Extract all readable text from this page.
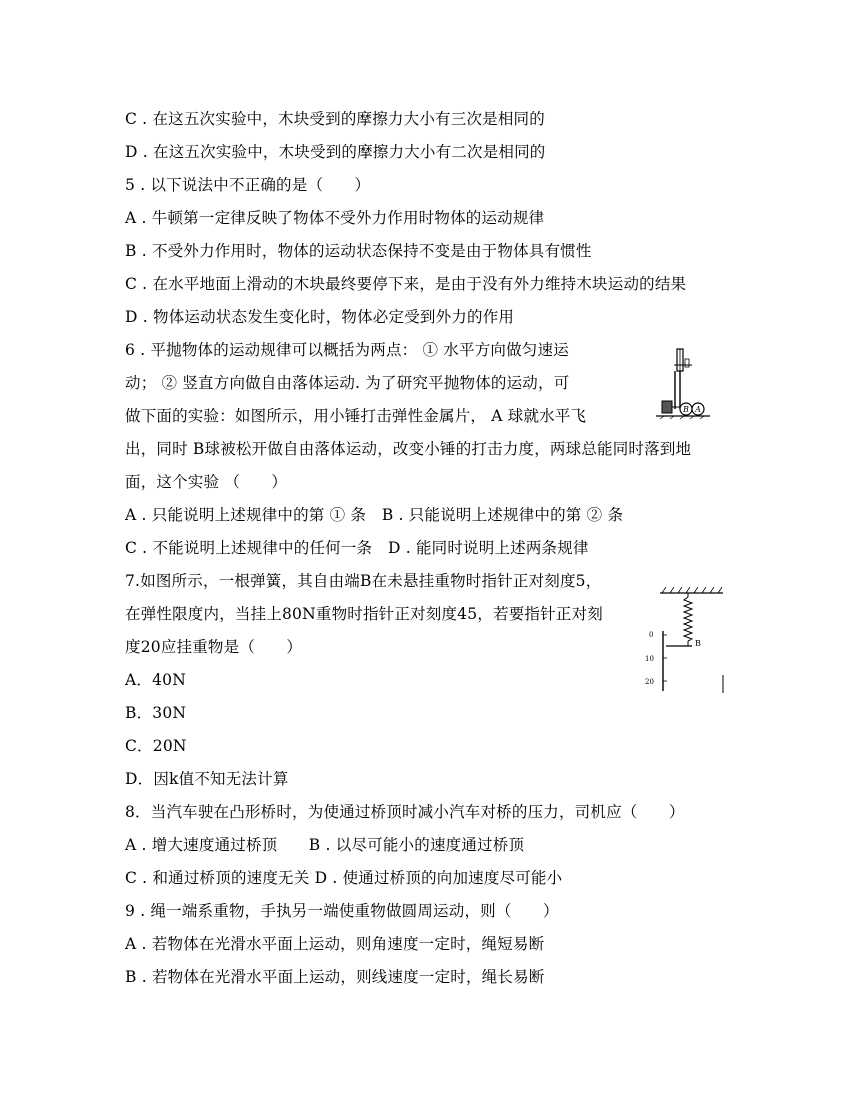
C . 在这五次实验中，木块受到的摩擦力大小有三次是相同的
D . 在这五次实验中，木块受到的摩擦力大小有二次是相同的
5 . 以下说法中不正确的是（　　）
A . 牛顿第一定律反映了物体不受外力作用时物体的运动规律
B . 不受外力作用时，物体的运动状态保持不变是由于物体具有惯性
C . 在水平地面上滑动的木块最终要停下来，是由于没有外力维持木块运动的结果
D . 物体运动状态发生变化时，物体必定受到外力的作用
6 . 平抛物体的运动规律可以概括为两点： ① 水平方向做匀速运
动； ② 竖直方向做自由落体运动. 为了研究平抛物体的运动，可
做下面的实验：如图所示，用小锤打击弹性金属片， A 球就水平飞
出，同时 B球被松开做自由落体运动，改变小锤的打击力度，两球总能同时落到地
面，这个实验 （　　）
A . 只能说明上述规律中的第 ① 条　B . 只能说明上述规律中的第 ② 条
C . 不能说明上述规律中的任何一条　D . 能同时说明上述两条规律
7.如图所示，一根弹簧，其自由端B在未悬挂重物时指针正对刻度5，
在弹性限度内，当挂上80N重物时指针正对刻度45，若要指针正对刻
度20应挂重物是（　　）
A．40N
B．30N
C．20N
D．因k值不知无法计算
8．当汽车驶在凸形桥时，为使通过桥顶时减小汽车对桥的压力，司机应（　　）
A . 增大速度通过桥顶　　B . 以尽可能小的速度通过桥顶
C . 和通过桥顶的速度无关 D . 使通过桥顶的向加速度尽可能小
9 . 绳一端系重物，手执另一端使重物做圆周运动，则（　　）
A . 若物体在光滑水平面上运动，则角速度一定时，绳短易断
B . 若物体在光滑水平面上运动，则线速度一定时，绳长易断
B A
B
0
10
20
